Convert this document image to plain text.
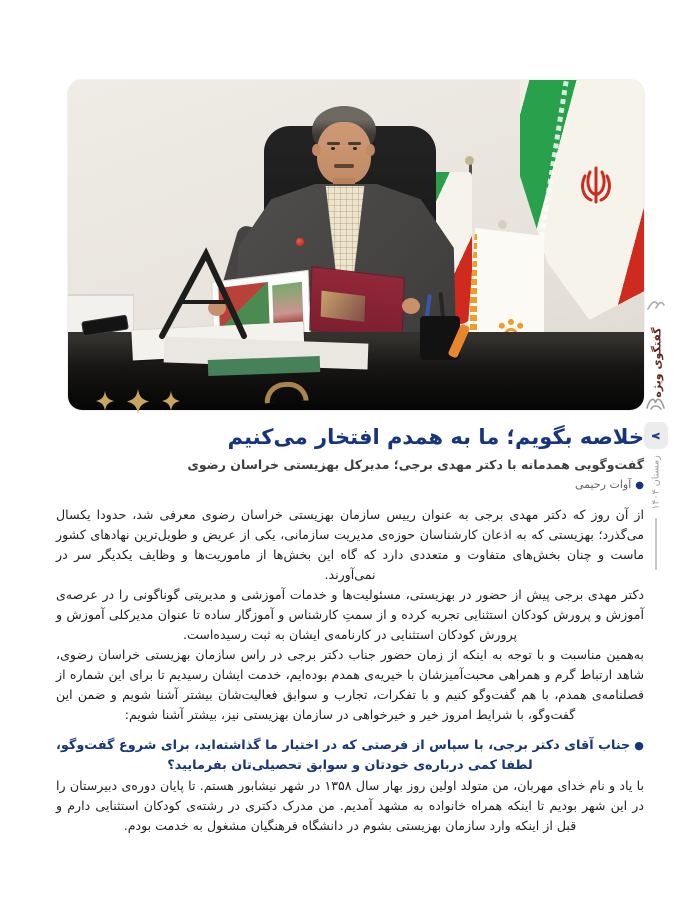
خلاصه بگویم؛ ما به همدم افتخار می‌کنیم
گفت‌وگویی همدمانه با دکتر مهدی برجی؛ مدیرکل بهزیستی خراسان رضوی
●آوات رحیمی

از آن روز که دکتر مهدی برجی به عنوان رییس سازمان بهزیستی خراسان رضوی معرفی شد، حدودا یکسال می‌گذرد؛ بهزیستی که به اذعان کارشناسان حوزه‌ی مدیریت سازمانی، یکی از عریض و طویل‌ترین نهادهای کشور ماست و چنان بخش‌های متفاوت و متعددی دارد که گاه این بخش‌ها از ماموریت‌ها و وظایف یکدیگر سر در نمی‌آورند.

دکتر مهدی برجی پیش از حضور در بهزیستی، مسئولیت‌ها و خدمات آموزشی و مدیریتی گوناگونی را در عرصه‌ی آموزش و پرورش کودکان استثنایی تجربه کرده و از سمتِ کارشناس و آموزگار ساده تا عنوان مدیرکلی آموزش و پرورش کودکان استثنایی در کارنامه‌ی ایشان به ثبت رسیده‌است.

به‌همین مناسبت و با توجه به اینکه از زمان حضور جناب دکتر برجی در راس سازمان بهزیستی خراسان رضوی، شاهد ارتباط گرم و همراهی محبت‌آمیزشان با خیریه‌ی همدم بوده‌ایم، خدمت ایشان رسیدیم تا برای این شماره از فصلنامه‌ی همدم، با هم گفت‌وگو کنیم و با تفکرات، تجارب و سوابق فعالیت‌شان بیشتر آشنا شویم و ضمن این گفت‌وگو، با شرایط امروز خیر و خیرخواهی در سازمان بهزیستی نیز، بیشتر آشنا شویم:

●جناب آقای دکتر برجی، با سپاس از فرصتی که در اختیار ما گذاشته‌اید، برای شروع گفت‌وگو، لطفا کمی درباره‌ی خودتان و سوابق تحصیلی‌تان بفرمایید؟

با یاد و نام خدای مهربان، من متولد اولین روز بهار سال ۱۳۵۸ در شهر نیشابور هستم. تا پایان دوره‌ی دبیرستان را در این شهر بودیم تا اینکه همراه خانواده به مشهد آمدیم. من مدرک دکتری در رشته‌ی کودکان استثنایی دارم و قبل از اینکه وارد سازمان بهزیستی بشوم در دانشگاه فرهنگیان مشغول به خدمت بودم.

گفتگوی ویژه
۸
زمستان ۱۴۰۴
